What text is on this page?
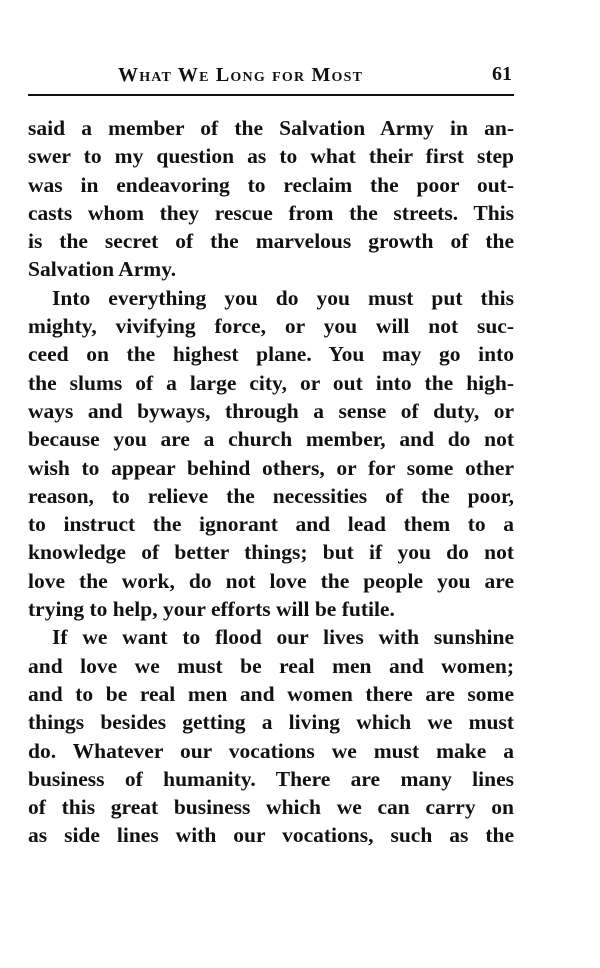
What We Long for Most	61

said a member of the Salvation Army in an-
swer to my question as to what their first step
was in endeavoring to reclaim the poor out-
casts whom they rescue from the streets. This
is the secret of the marvelous growth of the
Salvation Army.

Into everything you do you must put this
mighty, vivifying force, or you will not suc-
ceed on the highest plane. You may go into
the slums of a large city, or out into the high-
ways and byways, through a sense of duty, or
because you are a church member, and do not
wish to appear behind others, or for some other
reason, to relieve the necessities of the poor,
to instruct the ignorant and lead them to a
knowledge of better things; but if you do not
love the work, do not love the people you are
trying to help, your efforts will be futile.

If we want to flood our lives with sunshine
and love we must be real men and women;
and to be real men and women there are some
things besides getting a living which we must
do. Whatever our vocations we must make a
business of humanity. There are many lines
of this great business which we can carry on
as side lines with our vocations, such as the
